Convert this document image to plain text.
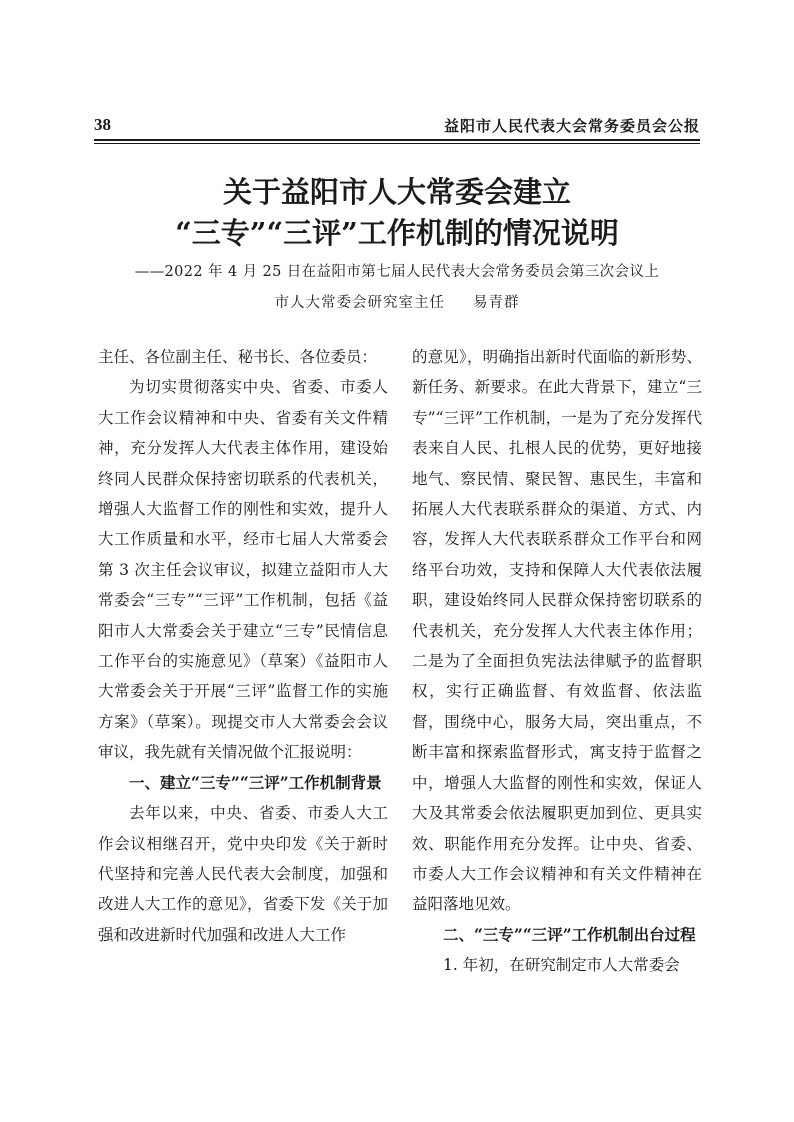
38	益阳市人民代表大会常务委员会公报
关于益阳市人大常委会建立
“三专”“三评”工作机制的情况说明
——2022 年 4 月 25 日在益阳市第七届人民代表大会常务委员会第三次会议上
市人大常委会研究室主任 易青群

主任、各位副主任、秘书长、各位委员：

为切实贯彻落实中央、省委、市委人大工作会议精神和中央、省委有关文件精神，充分发挥人大代表主体作用，建设始终同人民群众保持密切联系的代表机关，增强人大监督工作的刚性和实效，提升人大工作质量和水平，经市七届人大常委会第 3 次主任会议审议，拟建立益阳市人大常委会“三专”“三评”工作机制，包括《益阳市人大常委会关于建立“三专”民情信息工作平台的实施意见》（草案）《益阳市人大常委会关于开展“三评”监督工作的实施方案》（草案）。现提交市人大常委会会议审议，我先就有关情况做个汇报说明：

一、建立“三专”“三评”工作机制背景

去年以来，中央、省委、市委人大工作会议相继召开，党中央印发《关于新时代坚持和完善人民代表大会制度，加强和改进人大工作的意见》，省委下发《关于加强和改进新时代加强和改进人大工作

的意见》，明确指出新时代面临的新形势、新任务、新要求。在此大背景下，建立“三专”“三评”工作机制，一是为了充分发挥代表来自人民、扎根人民的优势，更好地接地气、察民情、聚民智、惠民生，丰富和拓展人大代表联系群众的渠道、方式、内容，发挥人大代表联系群众工作平台和网络平台功效，支持和保障人大代表依法履职，建设始终同人民群众保持密切联系的代表机关，充分发挥人大代表主体作用；二是为了全面担负宪法法律赋予的监督职权，实行正确监督、有效监督、依法监督，围绕中心，服务大局，突出重点，不断丰富和探索监督形式，寓支持于监督之中，增强人大监督的刚性和实效，保证人大及其常委会依法履职更加到位、更具实效、职能作用充分发挥。让中央、省委、市委人大工作会议精神和有关文件精神在益阳落地见效。

二、“三专”“三评”工作机制出台过程

1. 年初，在研究制定市人大常委会
